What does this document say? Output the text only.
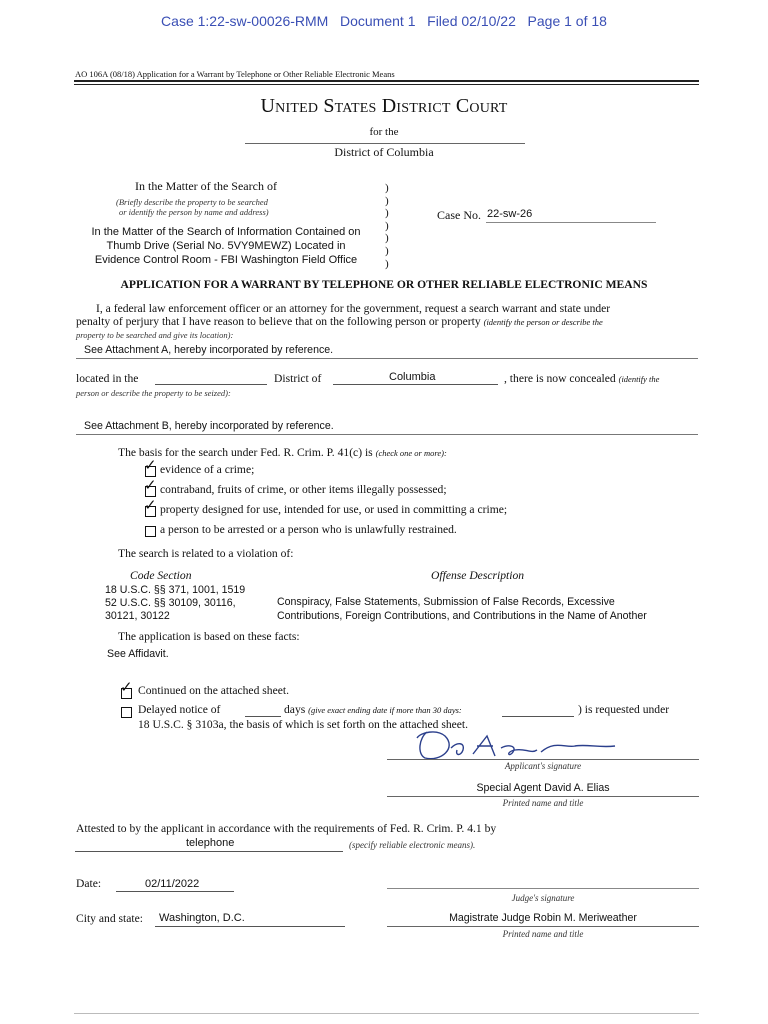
Case 1:22-sw-00026-RMM   Document 1   Filed 02/10/22   Page 1 of 18
AO 106A (08/18) Application for a Warrant by Telephone or Other Reliable Electronic Means
United States District Court
for the
District of Columbia
In the Matter of the Search of
(Briefly describe the property to be searched
or identify the person by name and address)
In the Matter of the Search of Information Contained on
Thumb Drive (Serial No. 5VY9MEWZ) Located in
Evidence Control Room - FBI Washington Field Office
)
)
)
)
)
)
)
Case No. 22-sw-26
APPLICATION FOR A WARRANT BY TELEPHONE OR OTHER RELIABLE ELECTRONIC MEANS
I, a federal law enforcement officer or an attorney for the government, request a search warrant and state under
penalty of perjury that I have reason to believe that on the following person or property (identify the person or describe the
property to be searched and give its location):
See Attachment A, hereby incorporated by reference.
located in the	District of	Columbia	, there is now concealed (identify the
person or describe the property to be seized):
See Attachment B, hereby incorporated by reference.
The basis for the search under Fed. R. Crim. P. 41(c) is (check one or more):
✓ evidence of a crime;
✓ contraband, fruits of crime, or other items illegally possessed;
✓ property designed for use, intended for use, or used in committing a crime;
a person to be arrested or a person who is unlawfully restrained.
The search is related to a violation of:
Code Section	Offense Description
18 U.S.C. §§ 371, 1001, 1519
52 U.S.C. §§ 30109, 30116,
30121, 30122
Conspiracy, False Statements, Submission of False Records, Excessive
Contributions, Foreign Contributions, and Contributions in the Name of Another
The application is based on these facts:
See Affidavit.
✓ Continued on the attached sheet.
Delayed notice of	days (give exact ending date if more than 30 days:	) is requested under
18 U.S.C. § 3103a, the basis of which is set forth on the attached sheet.
Applicant's signature
Special Agent David A. Elias
Printed name and title
Attested to by the applicant in accordance with the requirements of Fed. R. Crim. P. 4.1 by
telephone	(specify reliable electronic means).
Date:	02/11/2022
Judge's signature
City and state: Washington, D.C.	Magistrate Judge Robin M. Meriweather
Printed name and title
